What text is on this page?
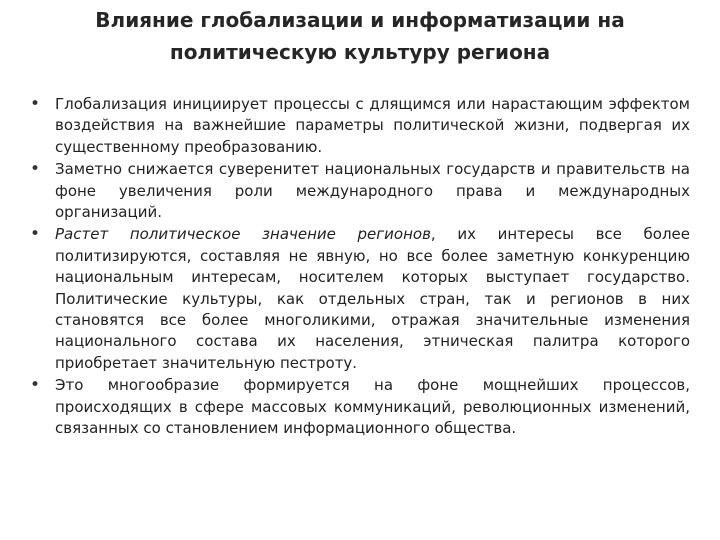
Влияние глобализации и информатизации на
политическую культуру региона
• Глобализация инициирует процессы с длящимся или нарастающим эффектом воздействия на важнейшие параметры политической жизни, подвергая их существенному преобразованию.
• Заметно снижается суверенитет национальных государств и правительств на фоне увеличения роли международного права и международных организаций.
• Растет политическое значение регионов, их интересы все более политизируются, составляя не явную, но все более заметную конкуренцию национальным интересам, носителем которых выступает государство. Политические культуры, как отдельных стран, так и регионов в них становятся все более многоликими, отражая значительные изменения национального состава их населения, этническая палитра которого приобретает значительную пестроту.
• Это многообразие формируется на фоне мощнейших процессов, происходящих в сфере массовых коммуникаций, революционных изменений, связанных со становлением информационного общества.
